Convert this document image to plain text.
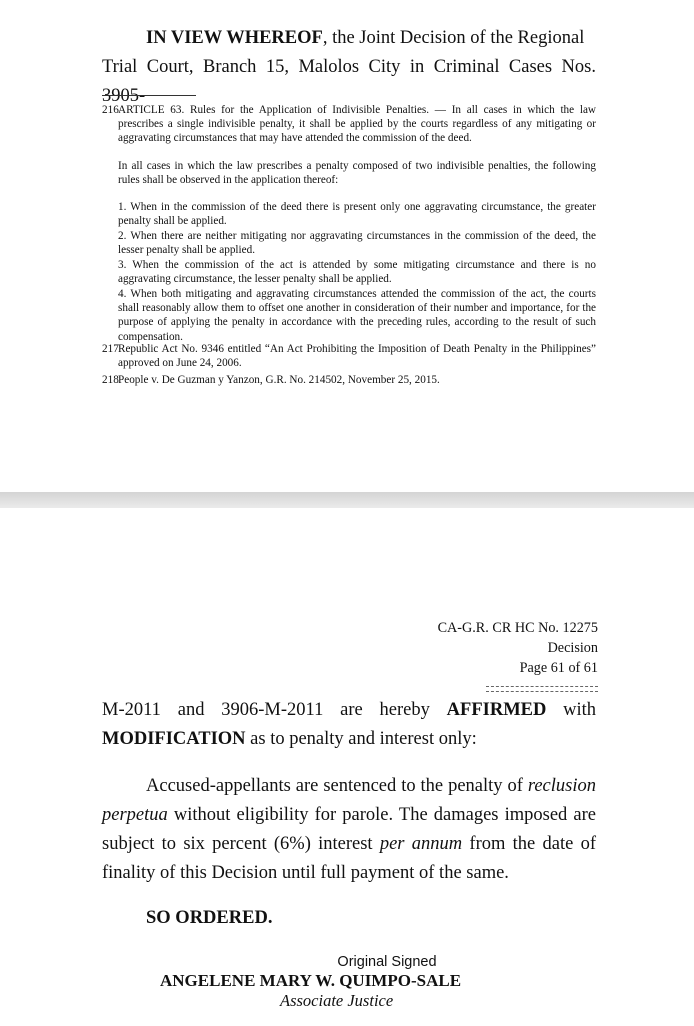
IN VIEW WHEREOF, the Joint Decision of the Regional
Trial Court, Branch 15, Malolos City in Criminal Cases Nos. 3905-
216 ARTICLE 63. Rules for the Application of Indivisible Penalties. — In all cases in which the law prescribes a single indivisible penalty, it shall be applied by the courts regardless of any mitigating or aggravating circumstances that may have attended the commission of the deed.
In all cases in which the law prescribes a penalty composed of two indivisible penalties, the following rules shall be observed in the application thereof:
1. When in the commission of the deed there is present only one aggravating circumstance, the greater penalty shall be applied.
2. When there are neither mitigating nor aggravating circumstances in the commission of the deed, the lesser penalty shall be applied.
3. When the commission of the act is attended by some mitigating circumstance and there is no aggravating circumstance, the lesser penalty shall be applied.
4. When both mitigating and aggravating circumstances attended the commission of the act, the courts shall reasonably allow them to offset one another in consideration of their number and importance, for the purpose of applying the penalty in accordance with the preceding rules, according to the result of such compensation.
217 Republic Act No. 9346 entitled “An Act Prohibiting the Imposition of Death Penalty in the Philippines” approved on June 24, 2006.
218 People v. De Guzman y Yanzon, G.R. No. 214502, November 25, 2015.
CA-G.R. CR HC No. 12275
Decision
Page 61 of 61
M-2011 and 3906-M-2011 are hereby AFFIRMED with
MODIFICATION as to penalty and interest only:
Accused-appellants are sentenced to the penalty of reclusion
perpetua without eligibility for parole. The damages imposed are
subject to six percent (6%) interest per annum from the date of
finality of this Decision until full payment of the same.
SO ORDERED.
Original Signed
ANGELENE MARY W. QUIMPO-SALE
Associate Justice
